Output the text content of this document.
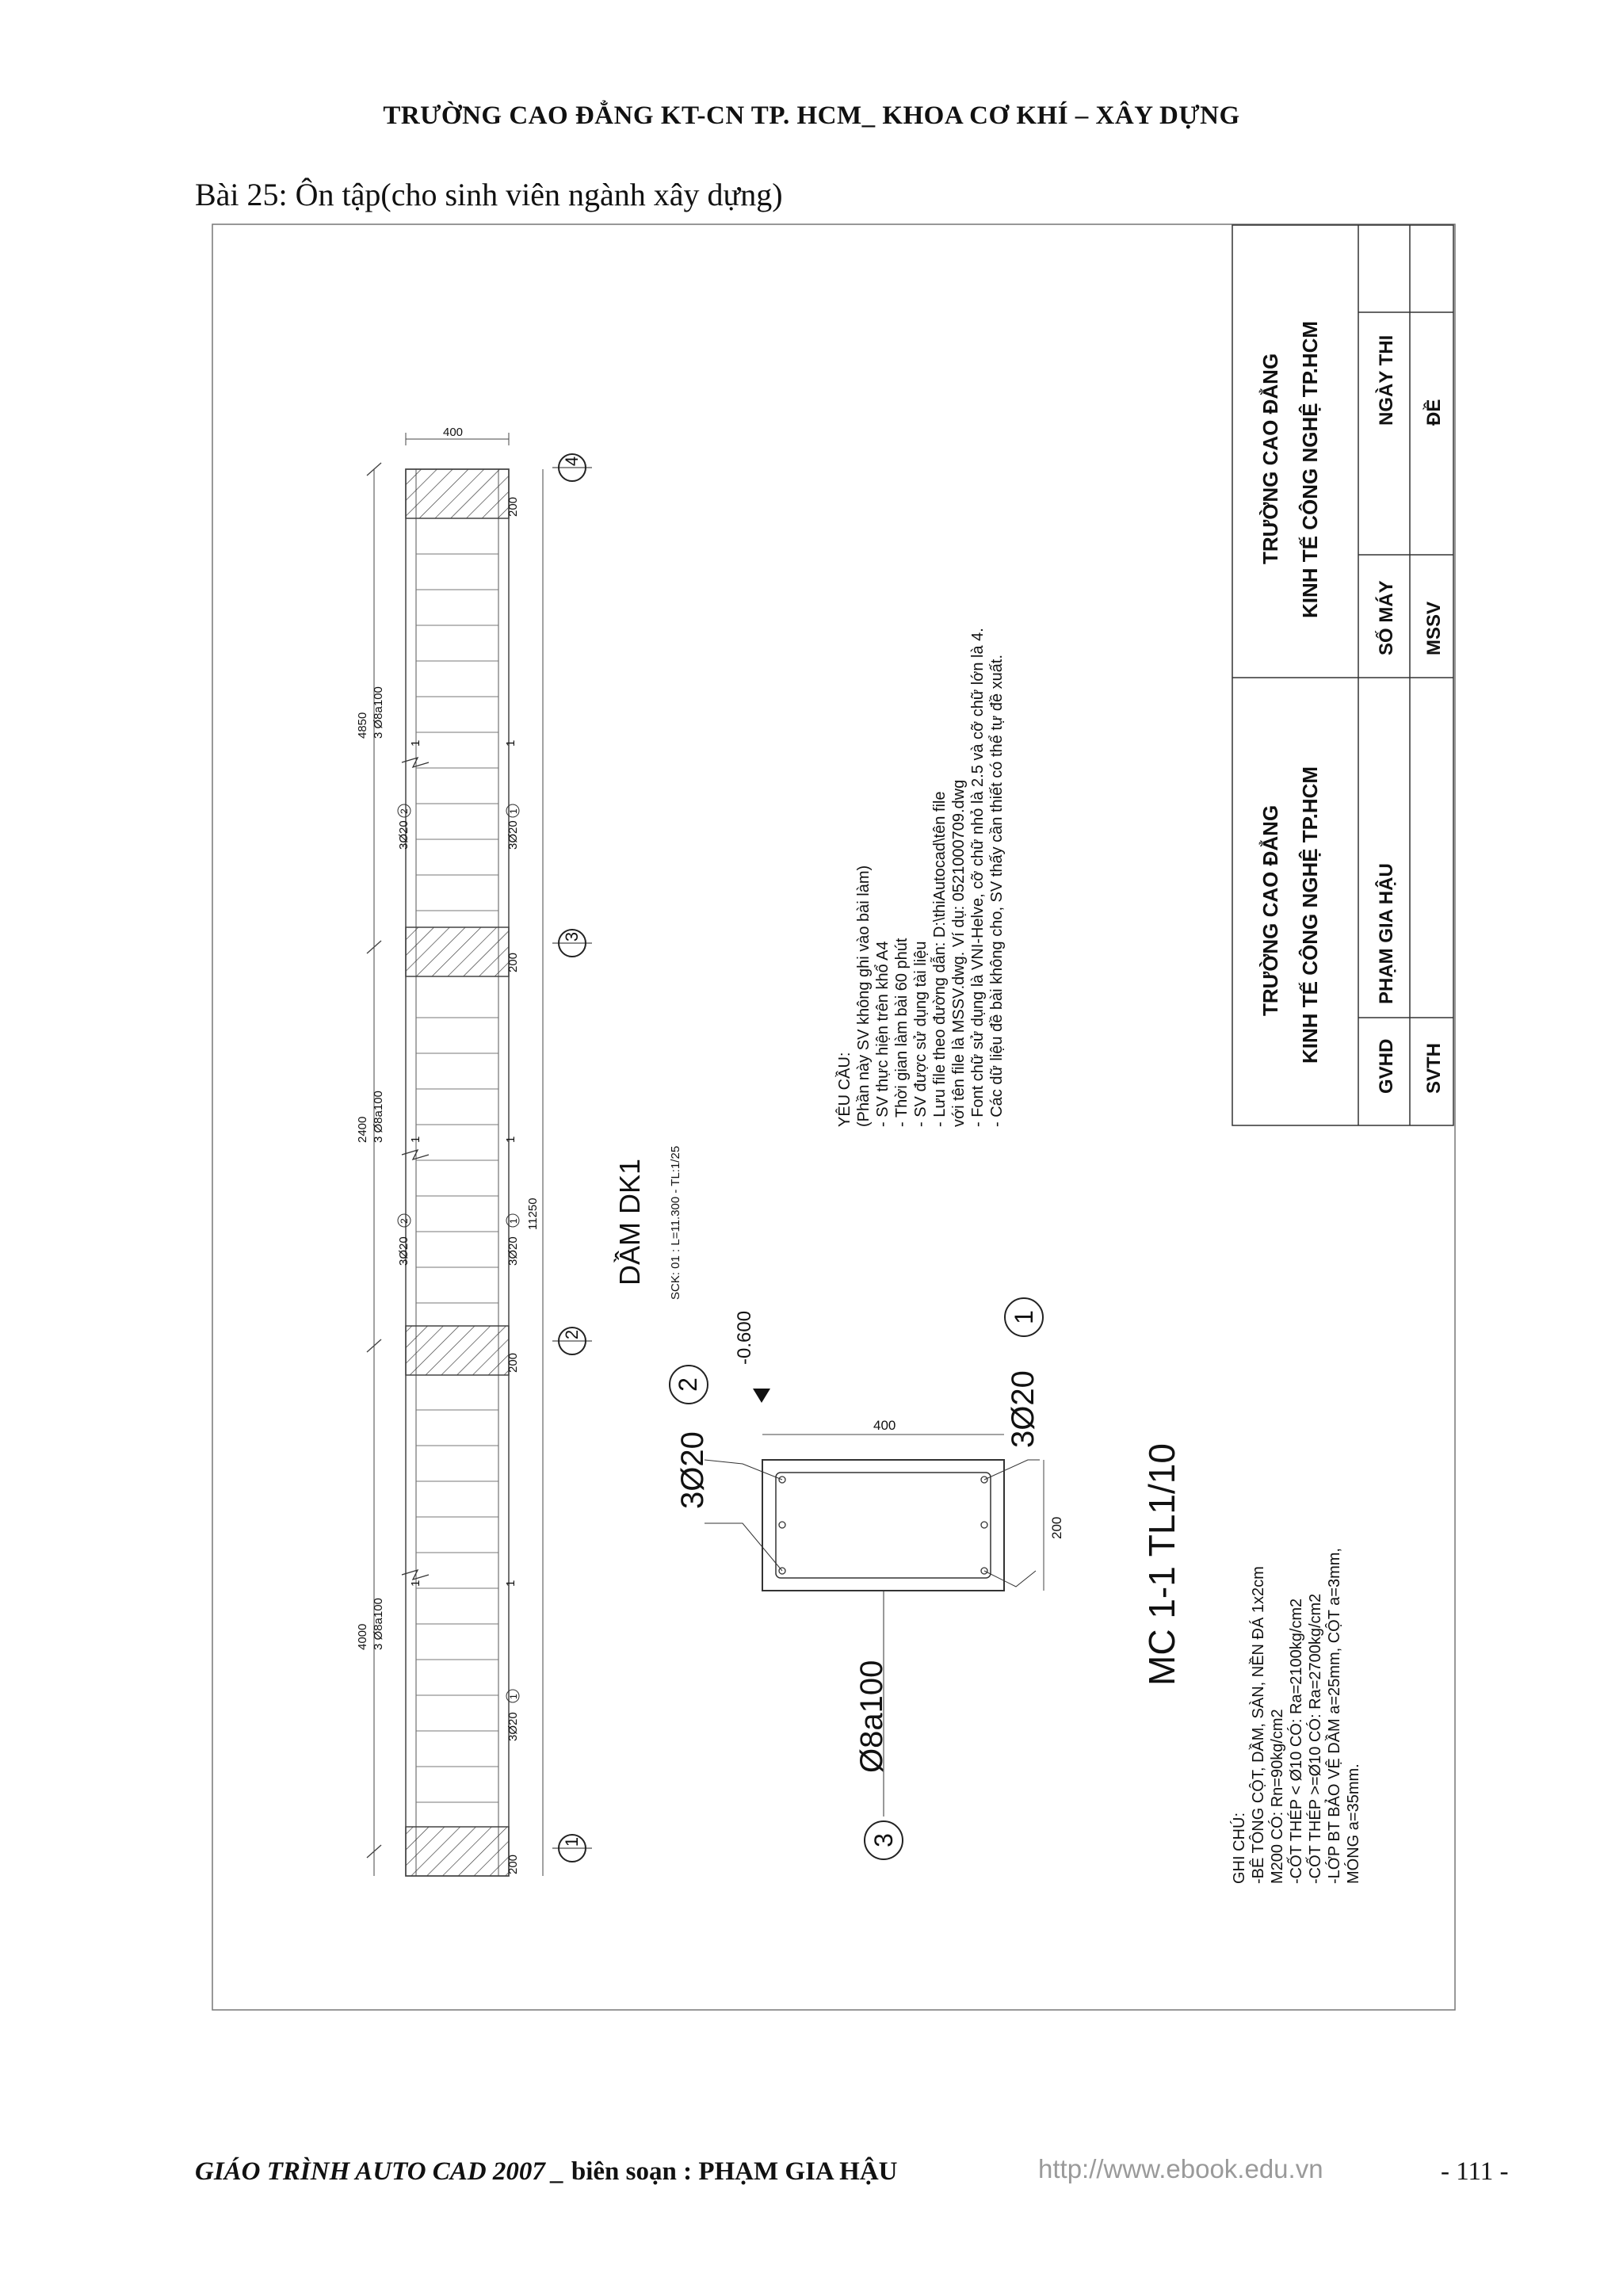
TRƯỜNG CAO ĐẲNG KT-CN TP. HCM_ KHOA CƠ KHÍ – XÂY DỰNG
Bài 25: Ôn tập(cho sinh viên ngành xây dựng)
4850 3 Ø8a100
2400 3 Ø8a100
4000 3 Ø8a100
400
1	1
1	1
1	1
3Ø20
1
3Ø20
2
3Ø20
1
3Ø20
2
3Ø20
1
200
200
200
200
11250
4
3
2
1
DẦM DK1 SCK: 01 : L=11.300 - TL:1/25
400
200
-0.600
3Ø20
2	3Ø20
1
Ø8a100
3
MC 1-1 TL1/10
YÊU CẦU: (Phần này SV không ghi vào bài làm) - SV thực hiện trên khổ A4 - Thời gian làm bài 60 phút - SV được sử dụng tài liệu - Lưu file theo đường dẫn: D:\thiAutocad\tên file với tên file là MSSV.dwg. Ví dụ: 0521000709.dwg - Font chữ sử dụng là VNI-Helve, cỡ chữ nhỏ là 2.5 và cỡ chữ lớn là 4. - Các dữ liệu đề bài không cho, SV thấy cần thiết có thể tự đề xuất.
GHI CHÚ: -BÊ TÔNG CỘT, DẦM, SÀN, NỀN ĐÁ 1x2cm M200 CÓ: Rn=90kg/cm2 -CỐT THÉP < Ø10 CÓ: Ra=2100kg/cm2 -CỐT THÉP >=Ø10 CÓ: Ra=2700kg/cm2 -LỚP BT BẢO VỆ DẦM a=25mm, CỘT a=3mm, MÓNG a=35mm.
TRƯỜNG CAO ĐẲNG KINH TẾ CÔNG NGHỆ TP.HCM
TRƯỜNG CAO ĐẲNG KINH TẾ CÔNG NGHỆ TP.HCM
GVHD
PHẠM GIA HẬU
SVTH
SỐ MÁY MSSV
NGÀY THI ĐỀ
GIÁO TRÌNH AUTO CAD 2007 _ biên soạn : PHẠM GIA HẬU	http://www.ebook.edu.vn	- 111 -
